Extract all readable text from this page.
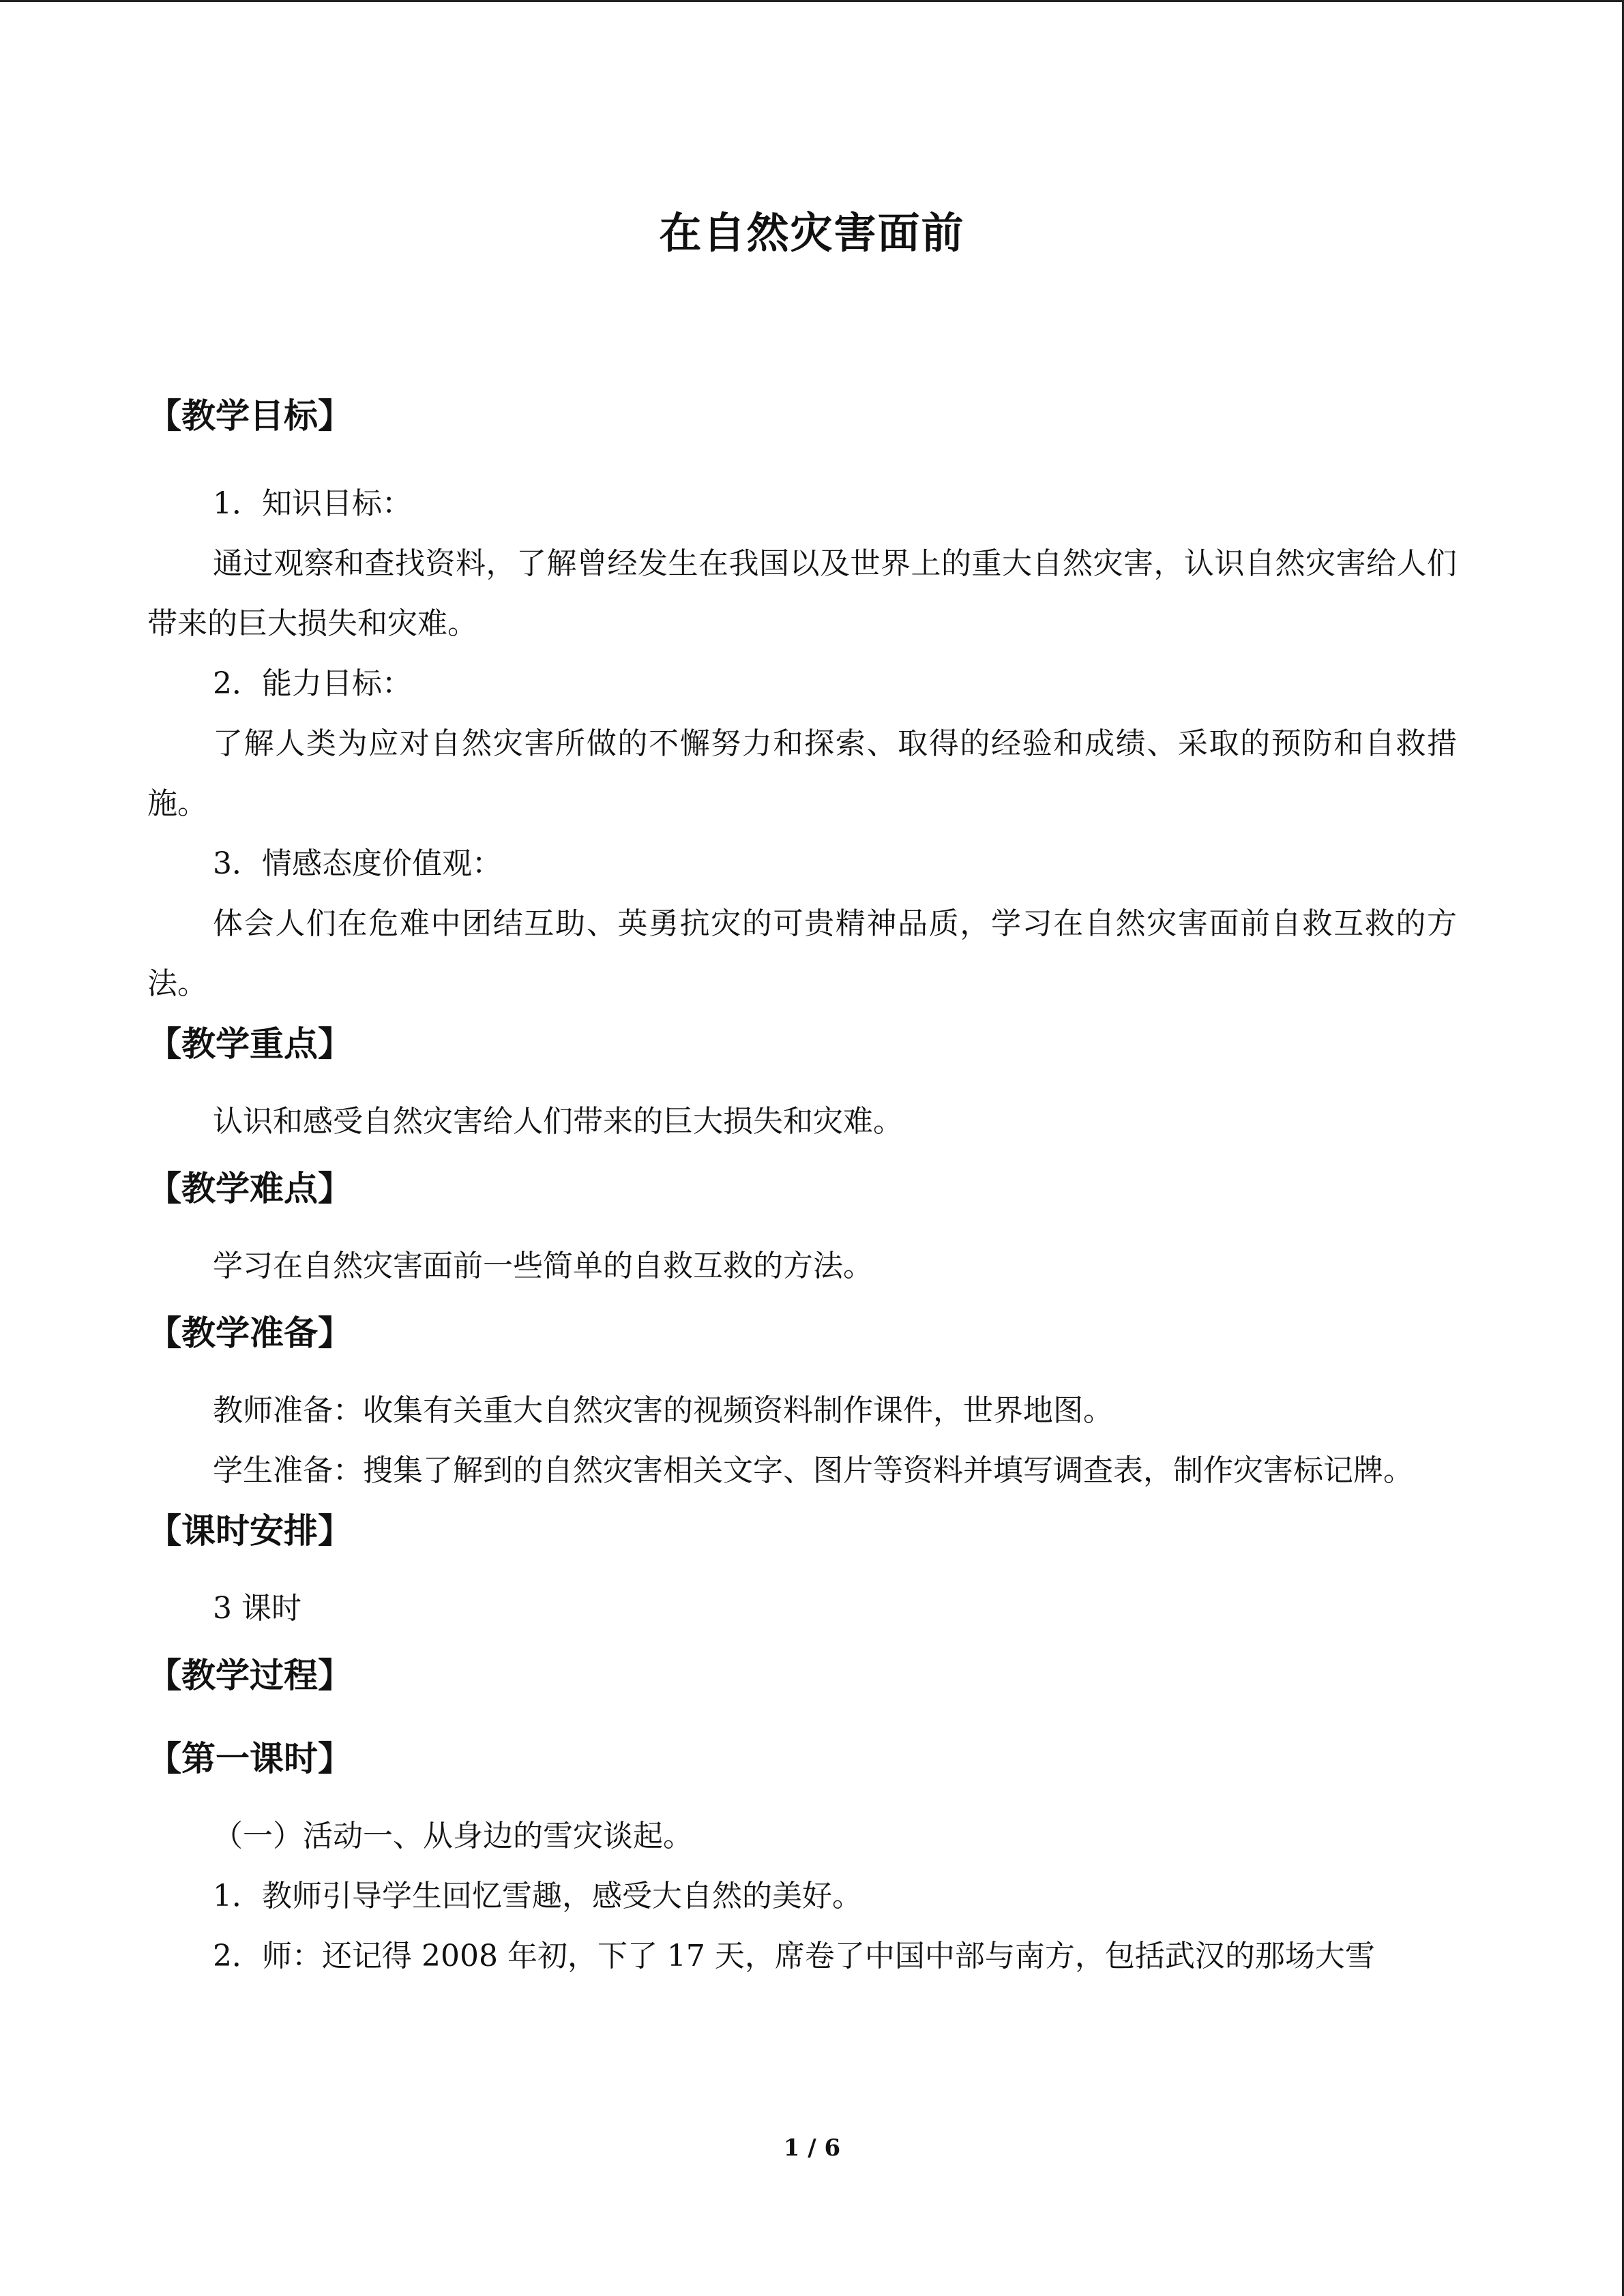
在自然灾害面前

【教学目标】

1．知识目标：

通过观察和查找资料，了解曾经发生在我国以及世界上的重大自然灾害，认识自然灾害给人们带来的巨大损失和灾难。

2．能力目标：

了解人类为应对自然灾害所做的不懈努力和探索、取得的经验和成绩、采取的预防和自救措施。

3．情感态度价值观：

体会人们在危难中团结互助、英勇抗灾的可贵精神品质，学习在自然灾害面前自救互救的方法。

【教学重点】

认识和感受自然灾害给人们带来的巨大损失和灾难。

【教学难点】

学习在自然灾害面前一些简单的自救互救的方法。

【教学准备】

教师准备：收集有关重大自然灾害的视频资料制作课件，世界地图。

学生准备：搜集了解到的自然灾害相关文字、图片等资料并填写调查表，制作灾害标记牌。

【课时安排】

3 课时

【教学过程】

【第一课时】

（一）活动一、从身边的雪灾谈起。

1．教师引导学生回忆雪趣，感受大自然的美好。

2．师：还记得 2008 年初，下了 17 天，席卷了中国中部与南方，包括武汉的那场大雪

1 / 6
